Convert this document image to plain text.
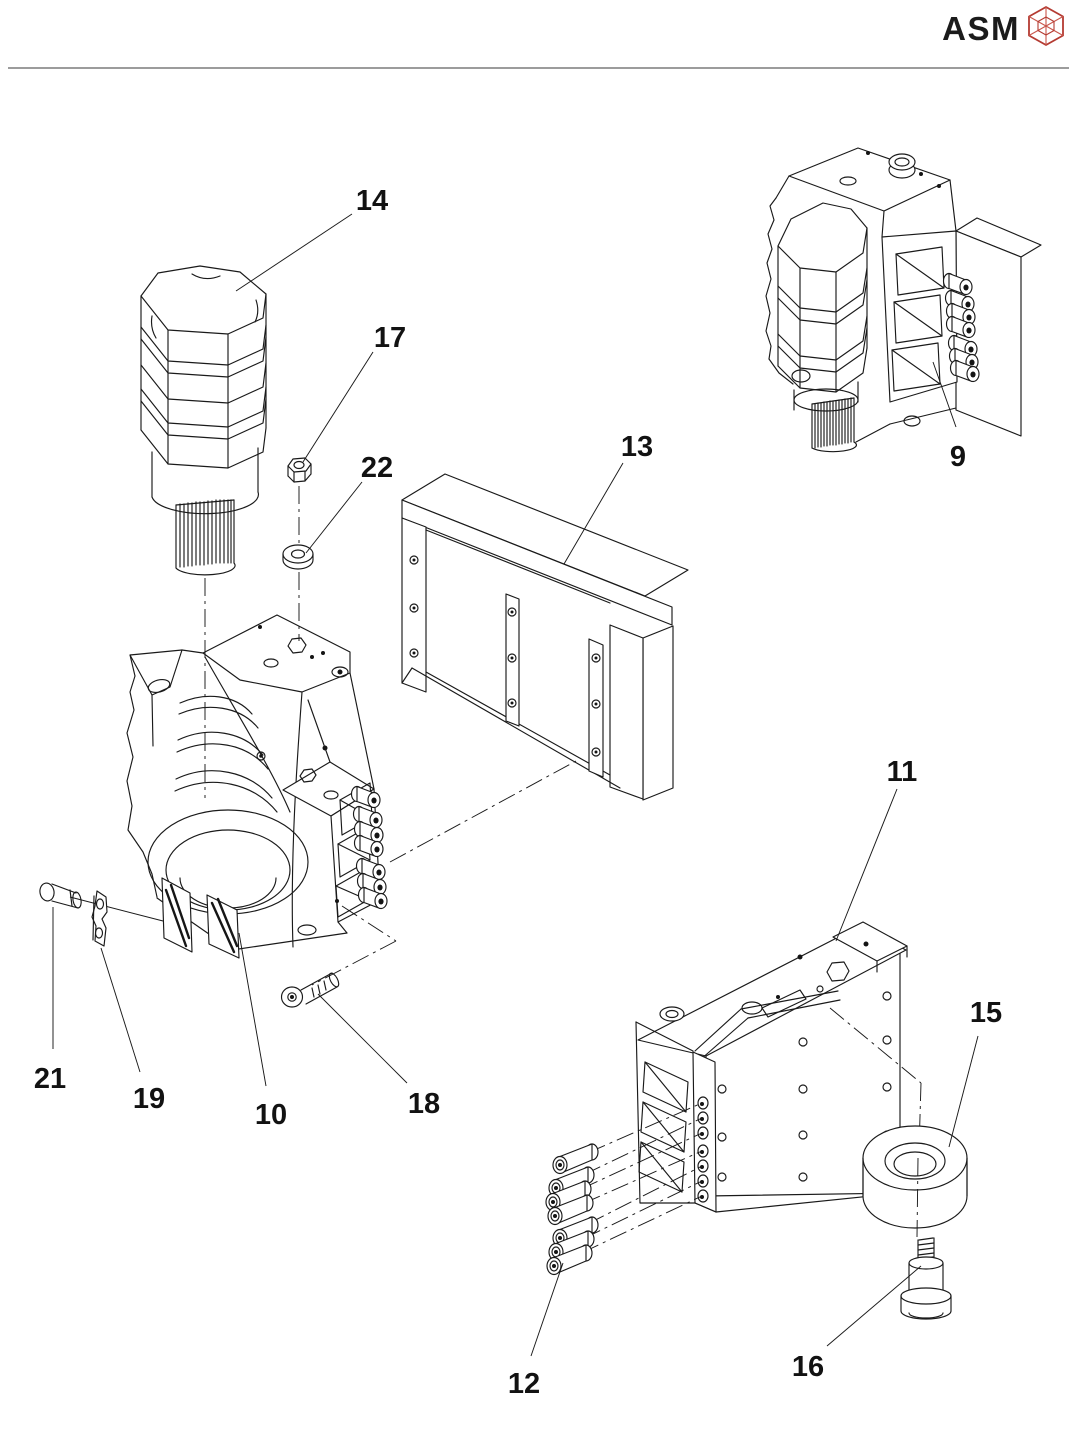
ASM
14
17
22
13	9
11
15
10	18
19
21
12
16
